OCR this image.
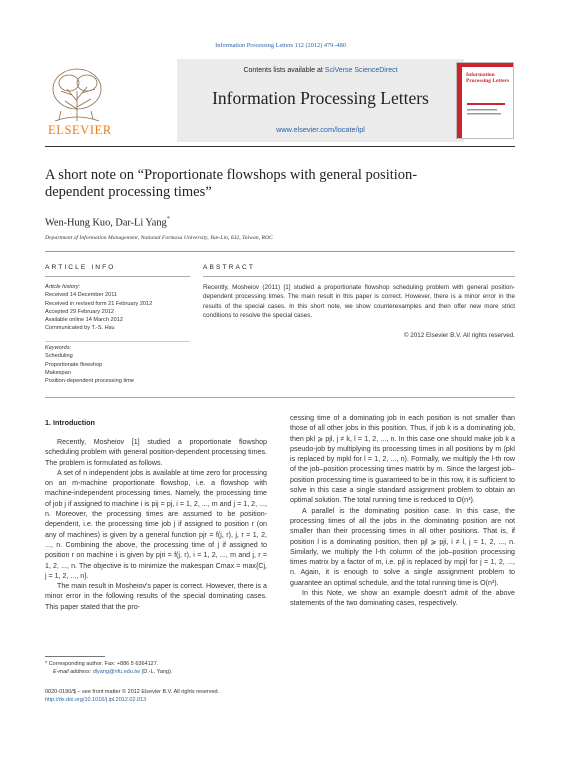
Information Processing Letters 112 (2012) 479–480
ELSEVIER
Contents lists available at SciVerse ScienceDirect
Information Processing Letters
www.elsevier.com/locate/ipl
Information Processing Letters
A short note on “Proportionate flowshops with general position-dependent processing times”
Wen-Hung Kuo, Dar-Li Yang*
Department of Information Management, National Formosa University, Yun-Lin, 632, Taiwan, ROC
ARTICLE INFO	ABSTRACT
Article history:
Received 14 December 2011
Received in revised form 21 February 2012
Accepted 29 February 2012
Available online 14 March 2012
Communicated by T.-S. Hsu
Keywords:
Scheduling
Proportionate flowshop
Makespan
Position-dependent processing time
Recently, Mosheiov (2011) [1] studied a proportionate flowshop scheduling problem with general position-dependent processing times. The main result in this paper is correct. However, there is a minor error in the results of the special cases. In this short note, we show counterexamples and then offer new more strict conditions to resolve the special cases.
© 2012 Elsevier B.V. All rights reserved.
1. Introduction

Recently, Mosheiov [1] studied a proportionate flowshop scheduling problem with general position-dependent processing times. The problem is formulated as follows.

A set of n independent jobs is available at time zero for processing on an m-machine proportionate flowshop, i.e. a flowshop with machine-independent processing times. Namely, the processing time of job j if assigned to machine i is pij = pj, i = 1, 2, ..., m and j = 1, 2, ..., n. Moreover, the processing times are assumed to be position-dependent, i.e. the processing time job j if assigned to position r (on any of machines) is given by a general function pjr = f(j, r), j, r = 1, 2, ..., n. Combining the above, the processing time of j if assigned to position r on machine i is given by pjri = f(j, r), i = 1, 2, ..., m and j, r = 1, 2, ..., n. The objective is to minimize the makespan Cmax = max{Cj, j = 1, 2, ..., n}.

The main result in Mosheiov's paper is correct. However, there is a minor error in the following results of the special dominating cases. This paper stated that the pro-

cessing time of a dominating job in each position is not smaller than those of all other jobs in this position. Thus, if job k is a dominating job, then pkl ⩾ pjl, j ≠ k, l = 1, 2, ..., n. In this case one should make job k a pseudo-job by multiplying its processing times in all positions by m (pkl is replaced by mpkl for l = 1, 2, ..., n). Formally, we multiply the l-th row of the job–position processing times matrix by m. Since the largest job–position processing time is guaranteed to be in this row, it is sufficient to solve in this case a single standard assignment problem to obtain an optimal solution. The total running time is reduced to O(n³).

A parallel is the dominating position case. In this case, the processing times of all the jobs in the dominating position are not smaller than their processing times in all other positions. That is, if position l is a dominating position, then pjl ⩾ pji, i ≠ l, j = 1, 2, ..., n. Similarly, we multiply the l-th column of the job–position processing times matrix by a factor of m, i.e. pjl is replaced by mpjl for j = 1, 2, ..., n. Again, it is enough to solve a single assignment problem to guarantee an optimal schedule, and the total running time is O(n³).

In this Note, we show an example doesn't admit of the above statements of the two dominating cases, respectively.

* Corresponding author. Fax: +886 5 6364127.
E-mail address: dlyang@nfu.edu.tw (D.-L. Yang).
0020-0190/$ – see front matter © 2012 Elsevier B.V. All rights reserved.
http://dx.doi.org/10.1016/j.ipl.2012.02.013
